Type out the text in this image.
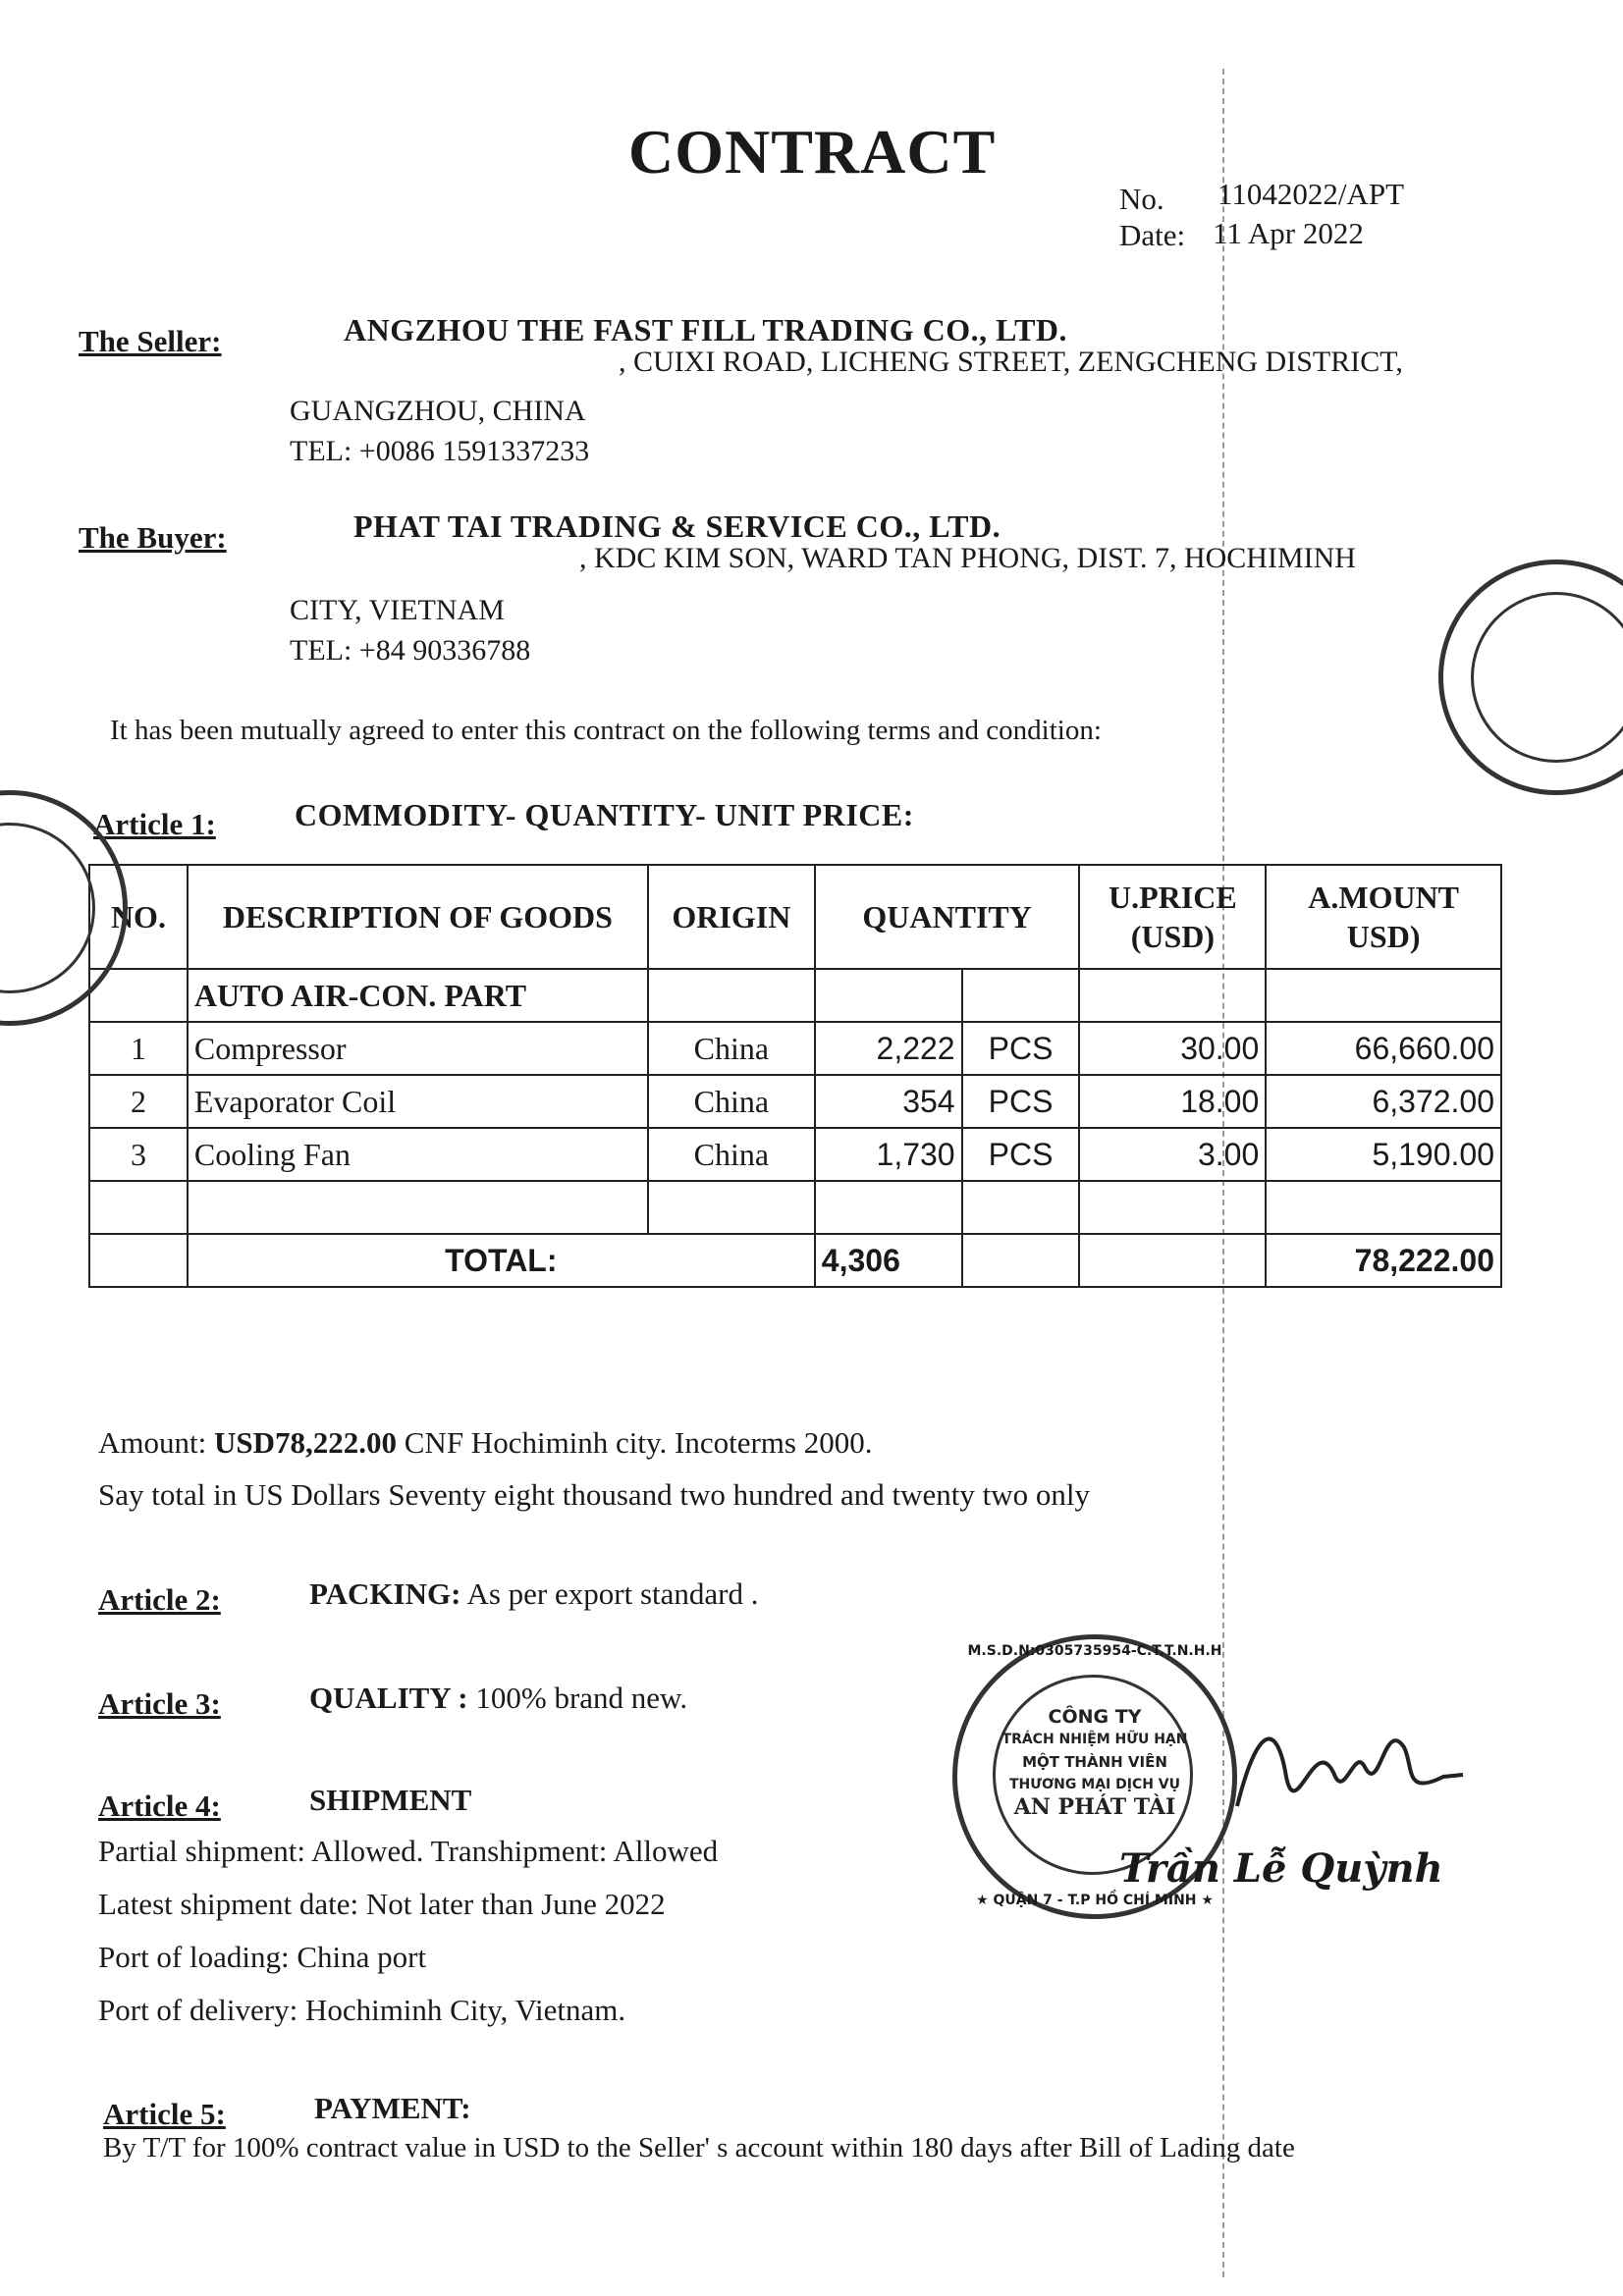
CONTRACT
No. 11042022/APT
Date: 11 Apr 2022
The Seller:	ANGZHOU THE FAST FILL TRADING CO., LTD.
, CUIXI ROAD, LICHENG STREET, ZENGCHENG DISTRICT,
GUANGZHOU, CHINA
TEL: +0086 1591337233
The Buyer:	PHAT TAI TRADING & SERVICE CO., LTD.
, KDC KIM SON, WARD TAN PHONG, DIST. 7, HOCHIMINH
CITY, VIETNAM
TEL: +84 90336788
It has been mutually agreed to enter this contract on the following terms and condition:
Article 1:	COMMODITY- QUANTITY- UNIT PRICE:
NO.	DESCRIPTION OF GOODS	ORIGIN	QUANTITY		U.PRICE (USD)	A.MOUNT USD)
	AUTO AIR-CON. PART					
1	Compressor	China	2,222	PCS	30.00	66,660.00
2	Evaporator Coil	China	354	PCS	18.00	6,372.00
3	Cooling Fan	China	1,730	PCS	3.00	5,190.00

	TOTAL:		4,306			78,222.00
Amount: USD78,222.00 CNF Hochiminh city. Incoterms 2000.
Say total in US Dollars Seventy eight thousand two hundred and twenty two only
Article 2:	PACKING: As per export standard .
Article 3:	QUALITY : 100% brand new.
Article 4:	SHIPMENT
Partial shipment: Allowed. Transhipment: Allowed
Latest shipment date: Not later than June 2022
Port of loading: China port
Port of delivery: Hochiminh City, Vietnam.
Article 5:	PAYMENT:
By T/T for 100% contract value in USD to the Seller' s account within 180 days after Bill of Lading date
CÔNG TY
TRÁCH NHIỆM HỮU HẠN
MỘT THÀNH VIÊN
THƯƠNG MẠI DỊCH VỤ
AN PHÁT TÀI
M.S.D.N:0305735954-C.T.T.N.H.H
★ QUẬN 7 - T.P HỒ CHÍ MINH ★
Trần Lễ Quỳnh
